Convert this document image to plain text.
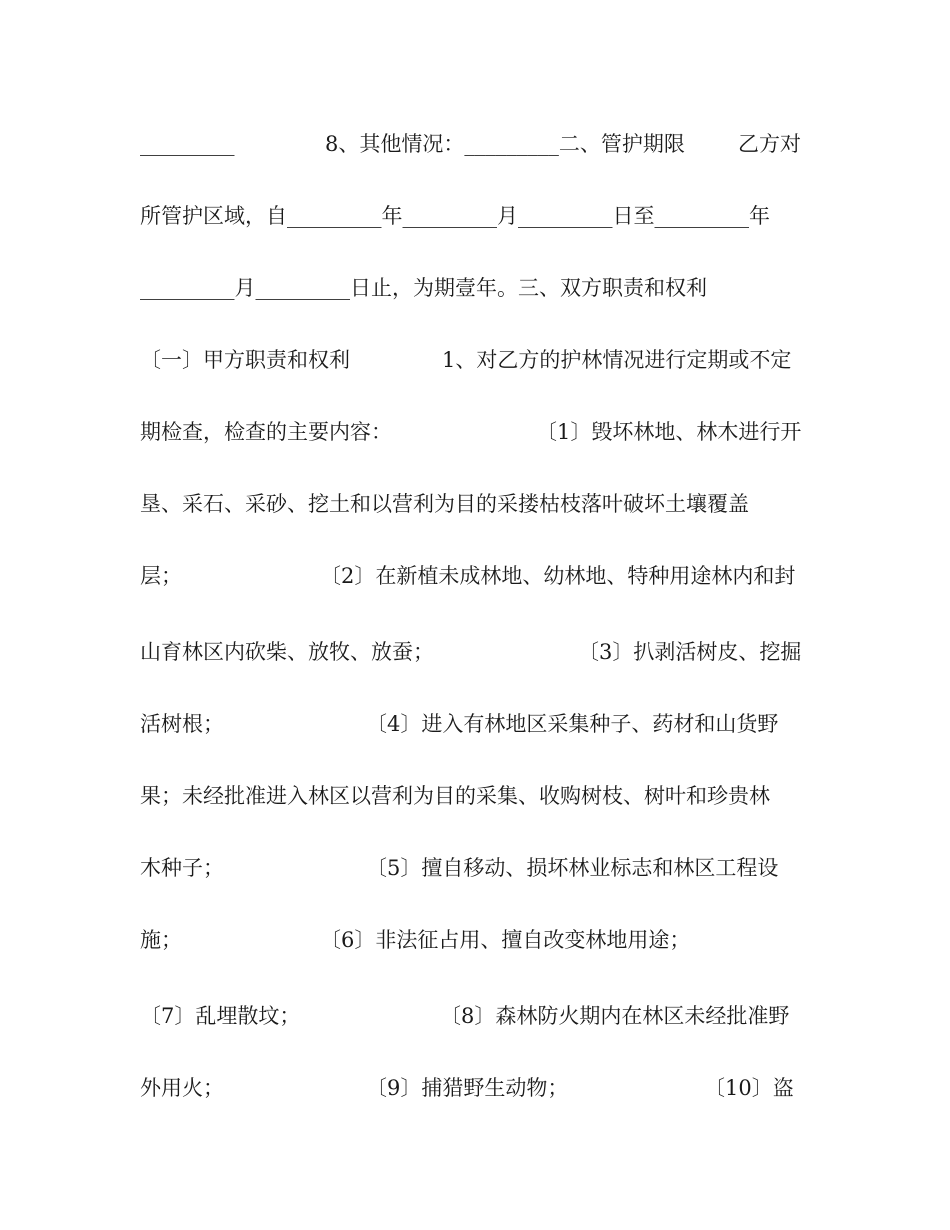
_________	8、其他情况：_________二、管护期限	乙方对
所管护区域，自_________年_________月_________日至_________年
_________月_________日止，为期壹年。三、双方职责和权利
〔一〕甲方职责和权利	1、对乙方的护林情况进行定期或不定
期检查，检查的主要内容：	〔1〕毁坏林地、林木进行开
垦、采石、采砂、挖土和以营利为目的采搂枯枝落叶破坏土壤覆盖
层；	〔2〕在新植未成林地、幼林地、特种用途林内和封
山育林区内砍柴、放牧、放蚕；	〔3〕扒剥活树皮、挖掘
活树根；	〔4〕进入有林地区采集种子、药材和山货野
果；未经批准进入林区以营利为目的采集、收购树枝、树叶和珍贵林
木种子；	〔5〕擅自移动、损坏林业标志和林区工程设
施；	〔6〕非法征占用、擅自改变林地用途；
〔7〕乱埋散坟；	〔8〕森林防火期内在林区未经批准野
外用火；	〔9〕捕猎野生动物；	〔10〕盗
